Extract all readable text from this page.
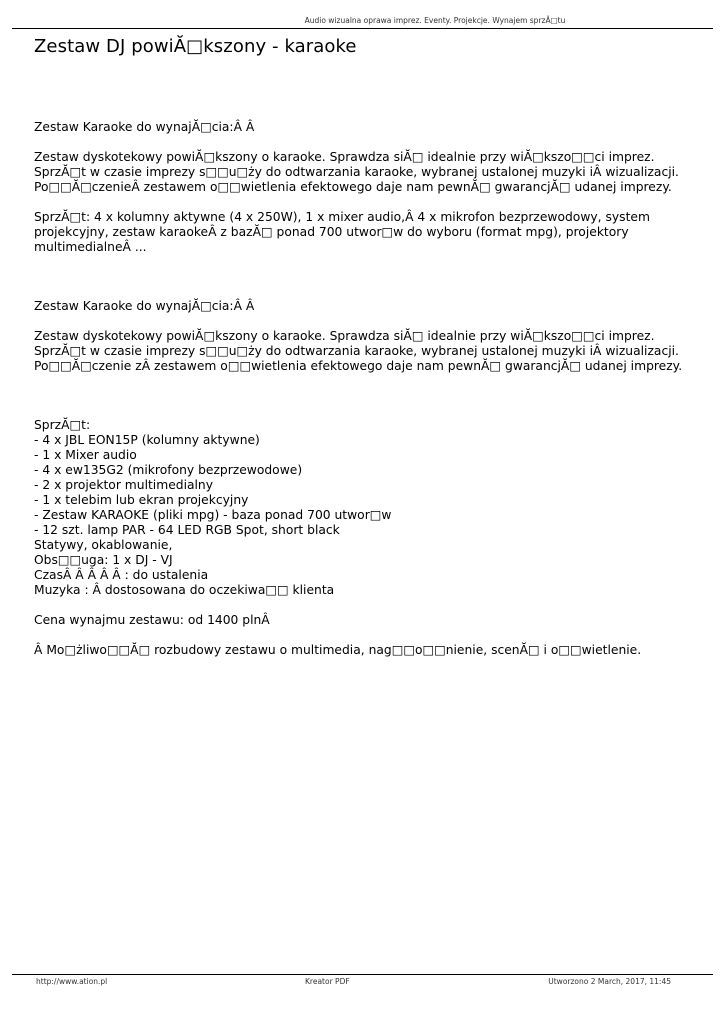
Audio wizualna oprawa imprez. Eventy. Projekcje. Wynajem sprzĂ□tu
Zestaw DJ powiĂ□kszony - karaoke

Zestaw Karaoke do wynajĂ□cia:Â Â

Zestaw dyskotekowy powiĂ□kszony o karaoke. Sprawdza siĂ□ idealnie przy wiĂ□kszo□□ci imprez.

SprzĂ□t w czasie imprezy s□□u□ży do odtwarzania karaoke, wybranej ustalonej muzyki iÂ wizualizacji.

Po□□Ă□czenieÂ zestawem o□□wietlenia efektowego daje nam pewnĂ□ gwarancjĂ□ udanej imprezy.

SprzĂ□t: 4 x kolumny aktywne (4 x 250W), 1 x mixer audio,Â 4 x mikrofon bezprzewodowy, system

projekcyjny, zestaw karaokeÂ z bazĂ□ ponad 700 utwor□w do wyboru (format mpg), projektory

multimedialneÂ ...

Zestaw Karaoke do wynajĂ□cia:Â Â

Zestaw dyskotekowy powiĂ□kszony o karaoke. Sprawdza siĂ□ idealnie przy wiĂ□kszo□□ci imprez.

SprzĂ□t w czasie imprezy s□□u□ży do odtwarzania karaoke, wybranej ustalonej muzyki iÂ wizualizacji.

Po□□Ă□czenie zÂ zestawem o□□wietlenia efektowego daje nam pewnĂ□ gwarancjĂ□ udanej imprezy.

SprzĂ□t:

- 4 x JBL EON15P (kolumny aktywne)

- 1 x Mixer audio

- 4 x ew135G2 (mikrofony bezprzewodowe)

- 2 x projektor multimedialny

- 1 x telebim lub ekran projekcyjny

- Zestaw KARAOKE (pliki mpg) - baza ponad 700 utwor□w

- 12 szt. lamp PAR - 64 LED RGB Spot, short black

Statywy, okablowanie,

Obs□□uga: 1 x DJ - VJ

CzasÂ Â Â Â Â : do ustalenia

Muzyka : Â dostosowana do oczekiwa□□ klienta

Cena wynajmu zestawu: od 1400 plnÂ

Â Mo□żliwo□□Ă□ rozbudowy zestawu o multimedia, nag□□o□□nienie, scenĂ□ i o□□wietlenie.

http://www.ation.pl	Kreator PDF	Utworzono 2 March, 2017, 11:45
